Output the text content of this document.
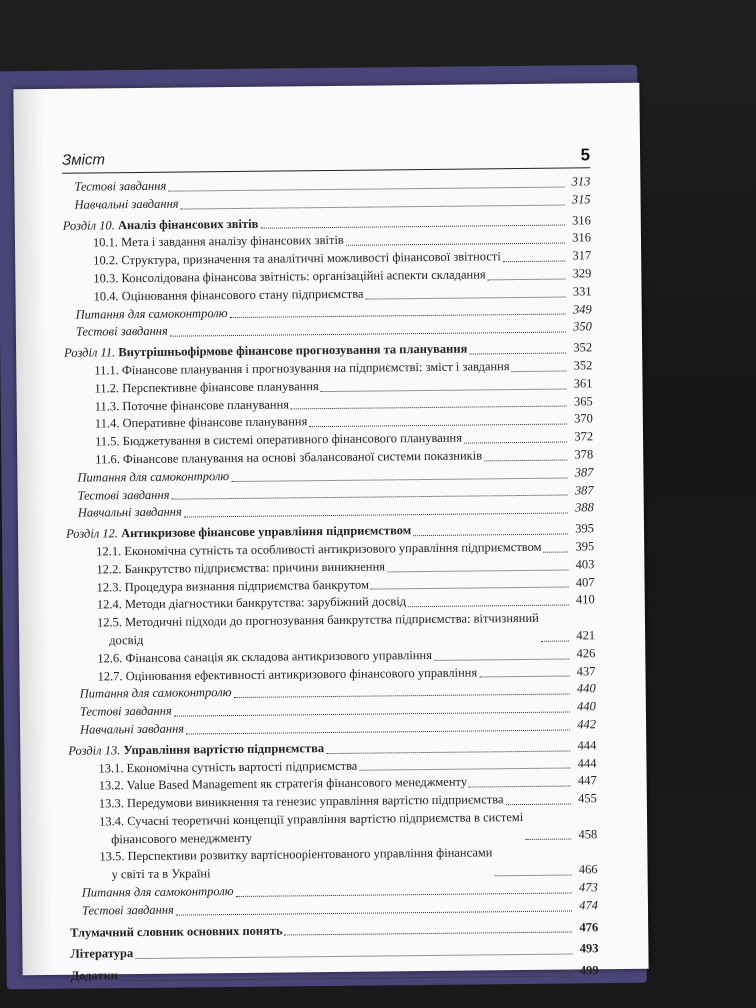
Зміст	5
Тестові завдання	313
Навчальні завдання	315
Розділ 10. Аналіз фінансових звітів	316
10.1. Мета і завдання аналізу фінансових звітів	316
10.2. Структура, призначення та аналітичні можливості фінансової звітності	317
10.3. Консолідована фінансова звітність: організаційні аспекти складання	329
10.4. Оцінювання фінансового стану підприємства	331
Питання для самоконтролю	349
Тестові завдання	350
Розділ 11. Внутрішньофірмове фінансове прогнозування та планування	352
11.1. Фінансове планування і прогнозування на підприємстві: зміст і завдання	352
11.2. Перспективне фінансове планування	361
11.3. Поточне фінансове планування	365
11.4. Оперативне фінансове планування	370
11.5. Бюджетування в системі оперативного фінансового планування	372
11.6. Фінансове планування на основі збалансованої системи показників	378
Питання для самоконтролю	387
Тестові завдання	387
Навчальні завдання	388
Розділ 12. Антикризове фінансове управління підприємством	395
12.1. Економічна сутність та особливості антикризового управління підприємством	395
12.2. Банкрутство підприємства: причини виникнення	403
12.3. Процедура визнання підприємства банкрутом	407
12.4. Методи діагностики банкрутства: зарубіжний досвід	410
12.5. Методичні підходи до прогнозування банкрутства підприємства: вітчизняний
досвід	421
12.6. Фінансова санація як складова антикризового управління	426
12.7. Оцінювання ефективності антикризового фінансового управління	437
Питання для самоконтролю	440
Тестові завдання	440
Навчальні завдання	442
Розділ 13. Управління вартістю підприємства	444
13.1. Економічна сутність вартості підприємства	444
13.2. Value Based Management як стратегія фінансового менеджменту	447
13.3. Передумови виникнення та генезис управління вартістю підприємства	455
13.4. Сучасні теоретичні концепції управління вартістю підприємства в системі
фінансового менеджменту	458
13.5. Перспективи розвитку вартіснооріентованого управління фінансами
у світі та в Україні	466
Питання для самоконтролю	473
Тестові завдання	474
Тлумачний словник основних понять	476
Література	493
Додатки	499
